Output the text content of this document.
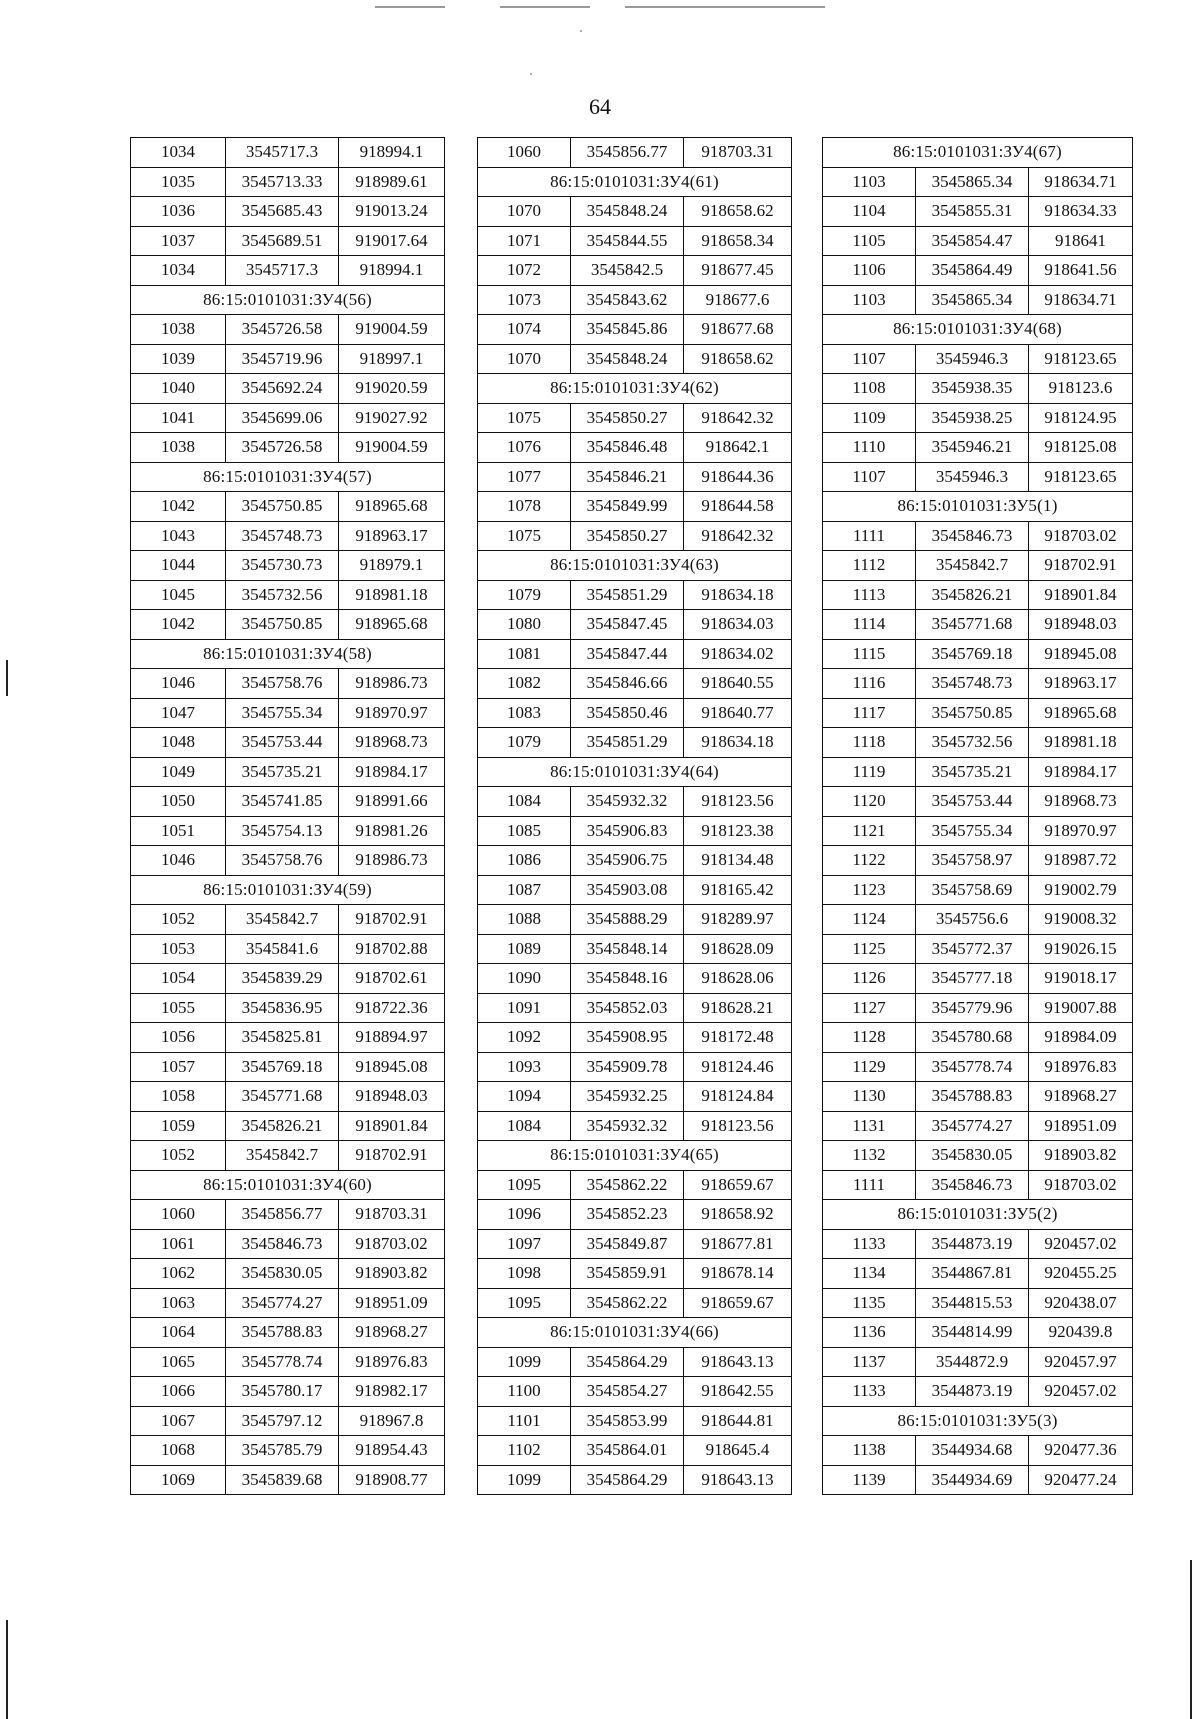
64
1034	3545717.3	918994.1
1035	3545713.33	918989.61
1036	3545685.43	919013.24
1037	3545689.51	919017.64
1034	3545717.3	918994.1
86:15:0101031:ЗУ4(56)		
1038	3545726.58	919004.59
1039	3545719.96	918997.1
1040	3545692.24	919020.59
1041	3545699.06	919027.92
1038	3545726.58	919004.59
86:15:0101031:ЗУ4(57)		
1042	3545750.85	918965.68
1043	3545748.73	918963.17
1044	3545730.73	918979.1
1045	3545732.56	918981.18
1042	3545750.85	918965.68
86:15:0101031:ЗУ4(58)		
1046	3545758.76	918986.73
1047	3545755.34	918970.97
1048	3545753.44	918968.73
1049	3545735.21	918984.17
1050	3545741.85	918991.66
1051	3545754.13	918981.26
1046	3545758.76	918986.73
86:15:0101031:ЗУ4(59)		
1052	3545842.7	918702.91
1053	3545841.6	918702.88
1054	3545839.29	918702.61
1055	3545836.95	918722.36
1056	3545825.81	918894.97
1057	3545769.18	918945.08
1058	3545771.68	918948.03
1059	3545826.21	918901.84
1052	3545842.7	918702.91
86:15:0101031:ЗУ4(60)		
1060	3545856.77	918703.31
1061	3545846.73	918703.02
1062	3545830.05	918903.82
1063	3545774.27	918951.09
1064	3545788.83	918968.27
1065	3545778.74	918976.83
1066	3545780.17	918982.17
1067	3545797.12	918967.8
1068	3545785.79	918954.43
1069	3545839.68	918908.77
1060	3545856.77	918703.31
86:15:0101031:ЗУ4(61)		
1070	3545848.24	918658.62
1071	3545844.55	918658.34
1072	3545842.5	918677.45
1073	3545843.62	918677.6
1074	3545845.86	918677.68
1070	3545848.24	918658.62
86:15:0101031:ЗУ4(62)		
1075	3545850.27	918642.32
1076	3545846.48	918642.1
1077	3545846.21	918644.36
1078	3545849.99	918644.58
1075	3545850.27	918642.32
86:15:0101031:ЗУ4(63)		
1079	3545851.29	918634.18
1080	3545847.45	918634.03
1081	3545847.44	918634.02
1082	3545846.66	918640.55
1083	3545850.46	918640.77
1079	3545851.29	918634.18
86:15:0101031:ЗУ4(64)		
1084	3545932.32	918123.56
1085	3545906.83	918123.38
1086	3545906.75	918134.48
1087	3545903.08	918165.42
1088	3545888.29	918289.97
1089	3545848.14	918628.09
1090	3545848.16	918628.06
1091	3545852.03	918628.21
1092	3545908.95	918172.48
1093	3545909.78	918124.46
1094	3545932.25	918124.84
1084	3545932.32	918123.56
86:15:0101031:ЗУ4(65)		
1095	3545862.22	918659.67
1096	3545852.23	918658.92
1097	3545849.87	918677.81
1098	3545859.91	918678.14
1095	3545862.22	918659.67
86:15:0101031:ЗУ4(66)		
1099	3545864.29	918643.13
1100	3545854.27	918642.55
1101	3545853.99	918644.81
1102	3545864.01	918645.4
1099	3545864.29	918643.13
86:15:0101031:ЗУ4(67)		
1103	3545865.34	918634.71
1104	3545855.31	918634.33
1105	3545854.47	918641
1106	3545864.49	918641.56
1103	3545865.34	918634.71
86:15:0101031:ЗУ4(68)		
1107	3545946.3	918123.65
1108	3545938.35	918123.6
1109	3545938.25	918124.95
1110	3545946.21	918125.08
1107	3545946.3	918123.65
86:15:0101031:ЗУ5(1)		
1111	3545846.73	918703.02
1112	3545842.7	918702.91
1113	3545826.21	918901.84
1114	3545771.68	918948.03
1115	3545769.18	918945.08
1116	3545748.73	918963.17
1117	3545750.85	918965.68
1118	3545732.56	918981.18
1119	3545735.21	918984.17
1120	3545753.44	918968.73
1121	3545755.34	918970.97
1122	3545758.97	918987.72
1123	3545758.69	919002.79
1124	3545756.6	919008.32
1125	3545772.37	919026.15
1126	3545777.18	919018.17
1127	3545779.96	919007.88
1128	3545780.68	918984.09
1129	3545778.74	918976.83
1130	3545788.83	918968.27
1131	3545774.27	918951.09
1132	3545830.05	918903.82
1111	3545846.73	918703.02
86:15:0101031:ЗУ5(2)		
1133	3544873.19	920457.02
1134	3544867.81	920455.25
1135	3544815.53	920438.07
1136	3544814.99	920439.8
1137	3544872.9	920457.97
1133	3544873.19	920457.02
86:15:0101031:ЗУ5(3)		
1138	3544934.68	920477.36
1139	3544934.69	920477.24
